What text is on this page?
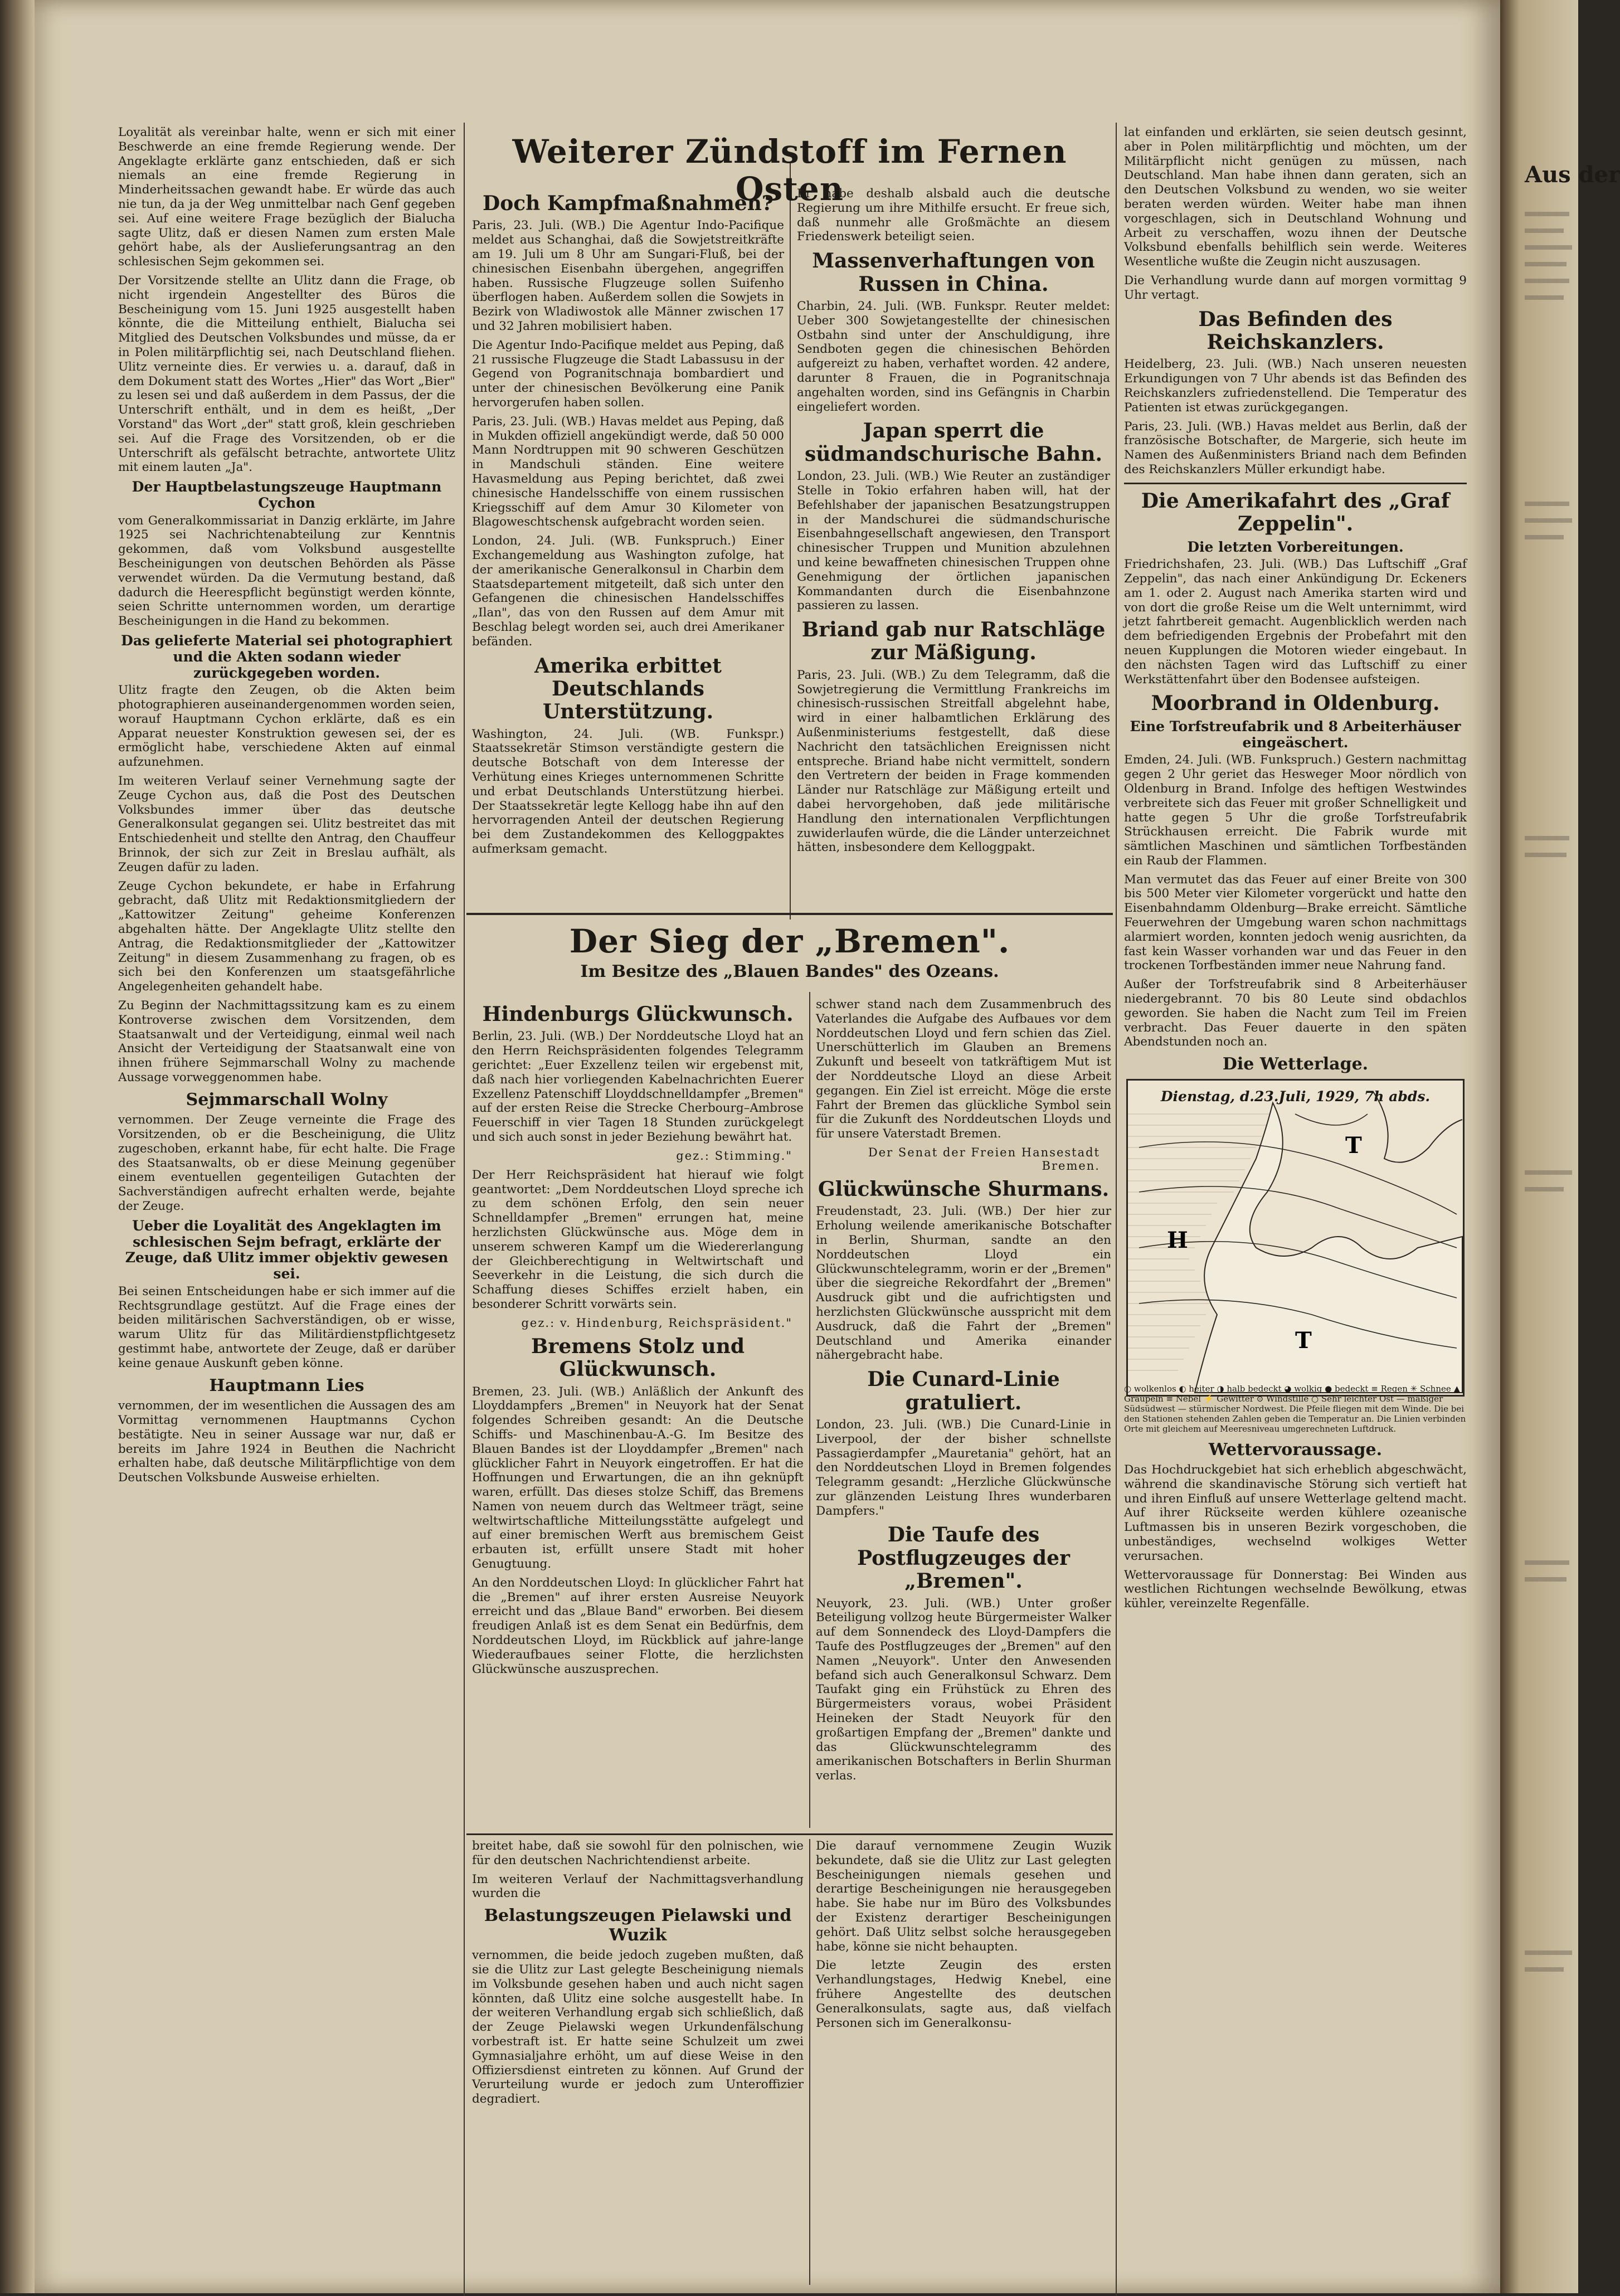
Loyalität als vereinbar halte, wenn er sich mit einer Beschwerde an eine fremde Regierung wende. Der Angeklagte erklärte ganz entschieden, daß er sich niemals an eine fremde Regierung in Minderheitssachen gewandt habe. Er würde das auch nie tun, da ja der Weg unmittelbar nach Genf gegeben sei. Auf eine weitere Frage bezüglich der Bialucha sagte Ulitz, daß er diesen Namen zum ersten Male gehört habe, als der Auslieferungsantrag an den schlesischen Sejm gekommen sei.

Der Vorsitzende stellte an Ulitz dann die Frage, ob nicht irgendein Angestellter des Büros die Bescheinigung vom 15. Juni 1925 ausgestellt haben könnte, die die Mitteilung enthielt, Bialucha sei Mitglied des Deutschen Volksbundes und müsse, da er in Polen militärpflichtig sei, nach Deutschland fliehen. Ulitz verneinte dies. Er verwies u. a. darauf, daß in dem Dokument statt des Wortes „Hier" das Wort „Bier" zu lesen sei und daß außerdem in dem Passus, der die Unterschrift enthält, und in dem es heißt, „Der Vorstand" das Wort „der" statt groß, klein geschrieben sei. Auf die Frage des Vorsitzenden, ob er die Unterschrift als gefälscht betrachte, antwortete Ulitz mit einem lauten „Ja".

Der Hauptbelastungszeuge Hauptmann Cychon

vom Generalkommissariat in Danzig erklärte, im Jahre 1925 sei Nachrichtenabteilung zur Kenntnis gekommen, daß vom Volksbund ausgestellte Bescheinigungen von deutschen Behörden als Pässe verwendet würden. Da die Vermutung bestand, daß dadurch die Heerespflicht begünstigt werden könnte, seien Schritte unternommen worden, um derartige Bescheinigungen in die Hand zu bekommen.

Das gelieferte Material sei photographiert und die Akten sodann wieder zurückgegeben worden.

Ulitz fragte den Zeugen, ob die Akten beim photographieren auseinandergenommen worden seien, worauf Hauptmann Cychon erklärte, daß es ein Apparat neuester Konstruktion gewesen sei, der es ermöglicht habe, verschiedene Akten auf einmal aufzunehmen.

Im weiteren Verlauf seiner Vernehmung sagte der Zeuge Cychon aus, daß die Post des Deutschen Volksbundes immer über das deutsche Generalkonsulat gegangen sei. Ulitz bestreitet das mit Entschiedenheit und stellte den Antrag, den Chauffeur Brinnok, der sich zur Zeit in Breslau aufhält, als Zeugen dafür zu laden.

Zeuge Cychon bekundete, er habe in Erfahrung gebracht, daß Ulitz mit Redaktionsmitgliedern der „Kattowitzer Zeitung" geheime Konferenzen abgehalten hätte. Der Angeklagte Ulitz stellte den Antrag, die Redaktionsmitglieder der „Kattowitzer Zeitung" in diesem Zusammenhang zu fragen, ob es sich bei den Konferenzen um staatsgefährliche Angelegenheiten gehandelt habe.

Zu Beginn der Nachmittagssitzung kam es zu einem Kontroverse zwischen dem Vorsitzenden, dem Staatsanwalt und der Verteidigung, einmal weil nach Ansicht der Verteidigung der Staatsanwalt eine von ihnen frühere Sejmmarschall Wolny zu machende Aussage vorweggenommen habe.

Sejmmarschall Wolny

vernommen. Der Zeuge verneinte die Frage des Vorsitzenden, ob er die Bescheinigung, die Ulitz zugeschoben, erkannt habe, für echt halte. Die Frage des Staatsanwalts, ob er diese Meinung gegenüber einem eventuellen gegenteiligen Gutachten der Sachverständigen aufrecht erhalten werde, bejahte der Zeuge.

Ueber die Loyalität des Angeklagten im schlesischen Sejm befragt, erklärte der Zeuge, daß Ulitz immer objektiv gewesen sei.

Bei seinen Entscheidungen habe er sich immer auf die Rechtsgrundlage gestützt. Auf die Frage eines der beiden militärischen Sachverständigen, ob er wisse, warum Ulitz für das Militärdienstpflichtgesetz gestimmt habe, antwortete der Zeuge, daß er darüber keine genaue Auskunft geben könne.

Hauptmann Lies

vernommen, der im wesentlichen die Aussagen des am Vormittag vernommenen Hauptmanns Cychon bestätigte. Neu in seiner Aussage war nur, daß er bereits im Jahre 1924 in Beuthen die Nachricht erhalten habe, daß deutsche Militärpflichtige von dem Deutschen Volksbunde Ausweise erhielten.

Weiterer Zündstoff im Fernen Osten
Doch Kampfmaßnahmen?

Paris, 23. Juli. (WB.) Die Agentur Indo-Pacifique meldet aus Schanghai, daß die Sowjetstreitkräfte am 19. Juli um 8 Uhr am Sungari-Fluß, bei der chinesischen Eisenbahn übergehen, angegriffen haben. Russische Flugzeuge sollen Suifenho überflogen haben. Außerdem sollen die Sowjets in Bezirk von Wladiwostok alle Männer zwischen 17 und 32 Jahren mobilisiert haben.

Die Agentur Indo-Pacifique meldet aus Peping, daß 21 russische Flugzeuge die Stadt Labassusu in der Gegend von Pogranitschnaja bombardiert und unter der chinesischen Bevölkerung eine Panik hervorgerufen haben sollen.

Paris, 23. Juli. (WB.) Havas meldet aus Peping, daß in Mukden offiziell angekündigt werde, daß 50 000 Mann Nordtruppen mit 90 schweren Geschützen in Mandschuli ständen. Eine weitere Havasmeldung aus Peping berichtet, daß zwei chinesische Handelsschiffe von einem russischen Kriegsschiff auf dem Amur 30 Kilometer von Blagoweschtschensk aufgebracht worden seien.

London, 24. Juli. (WB. Funkspruch.) Einer Exchangemeldung aus Washington zufolge, hat der amerikanische Generalkonsul in Charbin dem Staatsdepartement mitgeteilt, daß sich unter den Gefangenen die chinesischen Handelsschiffes „Ilan", das von den Russen auf dem Amur mit Beschlag belegt worden sei, auch drei Amerikaner befänden.

Amerika erbittet Deutschlands Unterstützung.

Washington, 24. Juli. (WB. Funkspr.) Staatssekretär Stimson verständigte gestern die deutsche Botschaft von dem Interesse der Verhütung eines Krieges unternommenen Schritte und erbat Deutschlands Unterstützung hierbei. Der Staatssekretär legte Kellogg habe ihn auf den hervorragenden Anteil der deutschen Regierung bei dem Zustandekommen des Kelloggpaktes aufmerksam gemacht.

Er habe deshalb alsbald auch die deutsche Regierung um ihre Mithilfe ersucht. Er freue sich, daß nunmehr alle Großmächte an diesem Friedenswerk beteiligt seien.

Massenverhaftungen von Russen in China.

Charbin, 24. Juli. (WB. Funkspr. Reuter meldet: Ueber 300 Sowjetangestellte der chinesischen Ostbahn sind unter der Anschuldigung, ihre Sendboten gegen die chinesischen Behörden aufgereizt zu haben, verhaftet worden. 42 andere, darunter 8 Frauen, die in Pogranitschnaja angehalten worden, sind ins Gefängnis in Charbin eingeliefert worden.

Japan sperrt die südmandschurische Bahn.

London, 23. Juli. (WB.) Wie Reuter an zuständiger Stelle in Tokio erfahren haben will, hat der Befehlshaber der japanischen Besatzungstruppen in der Mandschurei die südmandschurische Eisenbahngesellschaft angewiesen, den Transport chinesischer Truppen und Munition abzulehnen und keine bewaffneten chinesischen Truppen ohne Genehmigung der örtlichen japanischen Kommandanten durch die Eisenbahnzone passieren zu lassen.

Briand gab nur Ratschläge zur Mäßigung.

Paris, 23. Juli. (WB.) Zu dem Telegramm, daß die Sowjetregierung die Vermittlung Frankreichs im chinesisch-russischen Streitfall abgelehnt habe, wird in einer halbamtlichen Erklärung des Außenministeriums festgestellt, daß diese Nachricht den tatsächlichen Ereignissen nicht entspreche. Briand habe nicht vermittelt, sondern den Vertretern der beiden in Frage kommenden Länder nur Ratschläge zur Mäßigung erteilt und dabei hervorgehoben, daß jede militärische Handlung den internationalen Verpflichtungen zuwiderlaufen würde, die die Länder unterzeichnet hätten, insbesondere dem Kelloggpakt.

Der Sieg der „Bremen".
Im Besitze des „Blauen Bandes" des Ozeans.
Hindenburgs Glückwunsch.

Berlin, 23. Juli. (WB.) Der Norddeutsche Lloyd hat an den Herrn Reichspräsidenten folgendes Telegramm gerichtet: „Euer Exzellenz teilen wir ergebenst mit, daß nach hier vorliegenden Kabelnachrichten Euerer Exzellenz Patenschiff Lloyddschnelldampfer „Bremen" auf der ersten Reise die Strecke Cherbourg–Ambrose Feuerschiff in vier Tagen 18 Stunden zurückgelegt und sich auch sonst in jeder Beziehung bewährt hat.

gez.: Stimming."

Der Herr Reichspräsident hat hierauf wie folgt geantwortet: „Dem Norddeutschen Lloyd spreche ich zu dem schönen Erfolg, den sein neuer Schnelldampfer „Bremen" errungen hat, meine herzlichsten Glückwünsche aus. Möge dem in unserem schweren Kampf um die Wiedererlangung der Gleichberechtigung in Weltwirtschaft und Seeverkehr in die Leistung, die sich durch die Schaffung dieses Schiffes erzielt haben, ein besonderer Schritt vorwärts sein.

gez.: v. Hindenburg, Reichspräsident."
Bremens Stolz und Glückwunsch.

Bremen, 23. Juli. (WB.) Anläßlich der Ankunft des Lloyddampfers „Bremen" in Neuyork hat der Senat folgendes Schreiben gesandt: An die Deutsche Schiffs- und Maschinenbau-A.-G. Im Besitze des Blauen Bandes ist der Lloyddampfer „Bremen" nach glücklicher Fahrt in Neuyork eingetroffen. Er hat die Hoffnungen und Erwartungen, die an ihn geknüpft waren, erfüllt. Das dieses stolze Schiff, das Bremens Namen von neuem durch das Weltmeer trägt, seine weltwirtschaftliche Mitteilungsstätte aufgelegt und auf einer bremischen Werft aus bremischem Geist erbauten ist, erfüllt unsere Stadt mit hoher Genugtuung.

An den Norddeutschen Lloyd: In glücklicher Fahrt hat die „Bremen" auf ihrer ersten Ausreise Neuyork erreicht und das „Blaue Band" erworben. Bei diesem freudigen Anlaß ist es dem Senat ein Bedürfnis, dem Norddeutschen Lloyd, im Rückblick auf jahre-lange Wiederaufbaues seiner Flotte, die herzlichsten Glückwünsche auszusprechen.

schwer stand nach dem Zusammenbruch des Vaterlandes die Aufgabe des Aufbaues vor dem Norddeutschen Lloyd und fern schien das Ziel. Unerschütterlich im Glauben an Bremens Zukunft und beseelt von tatkräftigem Mut ist der Norddeutsche Lloyd an diese Arbeit gegangen. Ein Ziel ist erreicht. Möge die erste Fahrt der Bremen das glückliche Symbol sein für die Zukunft des Norddeutschen Lloyds und für unsere Vaterstadt Bremen.

Der Senat der Freien Hansestadt Bremen.
Glückwünsche Shurmans.

Freudenstadt, 23. Juli. (WB.) Der hier zur Erholung weilende amerikanische Botschafter in Berlin, Shurman, sandte an den Norddeutschen Lloyd ein Glückwunschtelegramm, worin er der „Bremen" über die siegreiche Rekordfahrt der „Bremen" Ausdruck gibt und die aufrichtigsten und herzlichsten Glückwünsche ausspricht mit dem Ausdruck, daß die Fahrt der „Bremen" Deutschland und Amerika einander nähergebracht habe.

Die Cunard-Linie gratuliert.

London, 23. Juli. (WB.) Die Cunard-Linie in Liverpool, der der bisher schnellste Passagierdampfer „Mauretania" gehört, hat an den Norddeutschen Lloyd in Bremen folgendes Telegramm gesandt: „Herzliche Glückwünsche zur glänzenden Leistung Ihres wunderbaren Dampfers."

Die Taufe des Postflugzeuges der „Bremen".

Neuyork, 23. Juli. (WB.) Unter großer Beteiligung vollzog heute Bürgermeister Walker auf dem Sonnendeck des Lloyd-Dampfers die Taufe des Postflugzeuges der „Bremen" auf den Namen „Neuyork". Unter den Anwesenden befand sich auch Generalkonsul Schwarz. Dem Taufakt ging ein Frühstück zu Ehren des Bürgermeisters voraus, wobei Präsident Heineken der Stadt Neuyork für den großartigen Empfang der „Bremen" dankte und das Glückwunschtelegramm des amerikanischen Botschafters in Berlin Shurman verlas.

breitet habe, daß sie sowohl für den polnischen, wie für den deutschen Nachrichtendienst arbeite.

Im weiteren Verlauf der Nachmittagsverhandlung wurden die

Belastungszeugen Pielawski und Wuzik

vernommen, die beide jedoch zugeben mußten, daß sie die Ulitz zur Last gelegte Bescheinigung niemals im Volksbunde gesehen haben und auch nicht sagen könnten, daß Ulitz eine solche ausgestellt habe. In der weiteren Verhandlung ergab sich schließlich, daß der Zeuge Pielawski wegen Urkundenfälschung vorbestraft ist. Er hatte seine Schulzeit um zwei Gymnasialjahre erhöht, um auf diese Weise in den Offiziersdienst eintreten zu können. Auf Grund der Verurteilung wurde er jedoch zum Unteroffizier degradiert.

Die darauf vernommene Zeugin Wuzik bekundete, daß sie die Ulitz zur Last gelegten Bescheinigungen niemals gesehen und derartige Bescheinigungen nie herausgegeben habe. Sie habe nur im Büro des Volksbundes der Existenz derartiger Bescheinigungen gehört. Daß Ulitz selbst solche herausgegeben habe, könne sie nicht behaupten.

Die letzte Zeugin des ersten Verhandlungstages, Hedwig Knebel, eine frühere Angestellte des deutschen Generalkonsulats, sagte aus, daß vielfach Personen sich im Generalkonsu-

lat einfanden und erklärten, sie seien deutsch gesinnt, aber in Polen militärpflichtig und möchten, um der Militärpflicht nicht genügen zu müssen, nach Deutschland. Man habe ihnen dann geraten, sich an den Deutschen Volksbund zu wenden, wo sie weiter beraten werden würden. Weiter habe man ihnen vorgeschlagen, sich in Deutschland Wohnung und Arbeit zu verschaffen, wozu ihnen der Deutsche Volksbund ebenfalls behilflich sein werde. Weiteres Wesentliche wußte die Zeugin nicht auszusagen.

Die Verhandlung wurde dann auf morgen vormittag 9 Uhr vertagt.

Das Befinden des Reichskanzlers.

Heidelberg, 23. Juli. (WB.) Nach unseren neuesten Erkundigungen von 7 Uhr abends ist das Befinden des Reichskanzlers zufriedenstellend. Die Temperatur des Patienten ist etwas zurückgegangen.

Paris, 23. Juli. (WB.) Havas meldet aus Berlin, daß der französische Botschafter, de Margerie, sich heute im Namen des Außenministers Briand nach dem Befinden des Reichskanzlers Müller erkundigt habe.

Die Amerikafahrt des „Graf Zeppelin".
Die letzten Vorbereitungen.

Friedrichshafen, 23. Juli. (WB.) Das Luftschiff „Graf Zeppelin", das nach einer Ankündigung Dr. Eckeners am 1. oder 2. August nach Amerika starten wird und von dort die große Reise um die Welt unternimmt, wird jetzt fahrtbereit gemacht. Augenblicklich werden nach dem befriedigenden Ergebnis der Probefahrt mit den neuen Kupplungen die Motoren wieder eingebaut. In den nächsten Tagen wird das Luftschiff zu einer Werkstättenfahrt über den Bodensee aufsteigen.

Moorbrand in Oldenburg.
Eine Torfstreufabrik und 8 Arbeiterhäuser eingeäschert.

Emden, 24. Juli. (WB. Funkspruch.) Gestern nachmittag gegen 2 Uhr geriet das Hesweger Moor nördlich von Oldenburg in Brand. Infolge des heftigen Westwindes verbreitete sich das Feuer mit großer Schnelligkeit und hatte gegen 5 Uhr die große Torfstreufabrik Strückhausen erreicht. Die Fabrik wurde mit sämtlichen Maschinen und sämtlichen Torfbeständen ein Raub der Flammen.

Man vermutet das das Feuer auf einer Breite von 300 bis 500 Meter vier Kilometer vorgerückt und hatte den Eisenbahndamm Oldenburg—Brake erreicht. Sämtliche Feuerwehren der Umgebung waren schon nachmittags alarmiert worden, konnten jedoch wenig ausrichten, da fast kein Wasser vorhanden war und das Feuer in den trockenen Torfbeständen immer neue Nahrung fand.

Außer der Torfstreufabrik sind 8 Arbeiterhäuser niedergebrannt. 70 bis 80 Leute sind obdachlos geworden. Sie haben die Nacht zum Teil im Freien verbracht. Das Feuer dauerte in den späten Abendstunden noch an.

Die Wetterlage.
H
T
T
Dienstag, d.23.Juli, 1929, 7h abds.
○ wolkenlos ◐ heiter ◑ halb bedeckt ◕ wolkig ● bedeckt ≡ Regen ✳ Schnee ▲ Graupeln ≡ Nebel ⚡ Gewitter ⊙ Windstille ○ Sehr leichter Ost — mäßiger Südsüdwest — stürmischer Nordwest. Die Pfeile fliegen mit dem Winde. Die bei den Stationen stehenden Zahlen geben die Temperatur an. Die Linien verbinden Orte mit gleichem auf Meeresniveau umgerechneten Luftdruck.
Wettervoraussage.

Das Hochdruckgebiet hat sich erheblich abgeschwächt, während die skandinavische Störung sich vertieft hat und ihren Einfluß auf unsere Wetterlage geltend macht. Auf ihrer Rückseite werden kühlere ozeanische Luftmassen bis in unseren Bezirk vorgeschoben, die unbeständiges, wechselnd wolkiges Wetter verursachen.

Wettervoraussage für Donnerstag: Bei Winden aus westlichen Richtungen wechselnde Bewölkung, etwas kühler, vereinzelte Regenfälle.

Aus der
